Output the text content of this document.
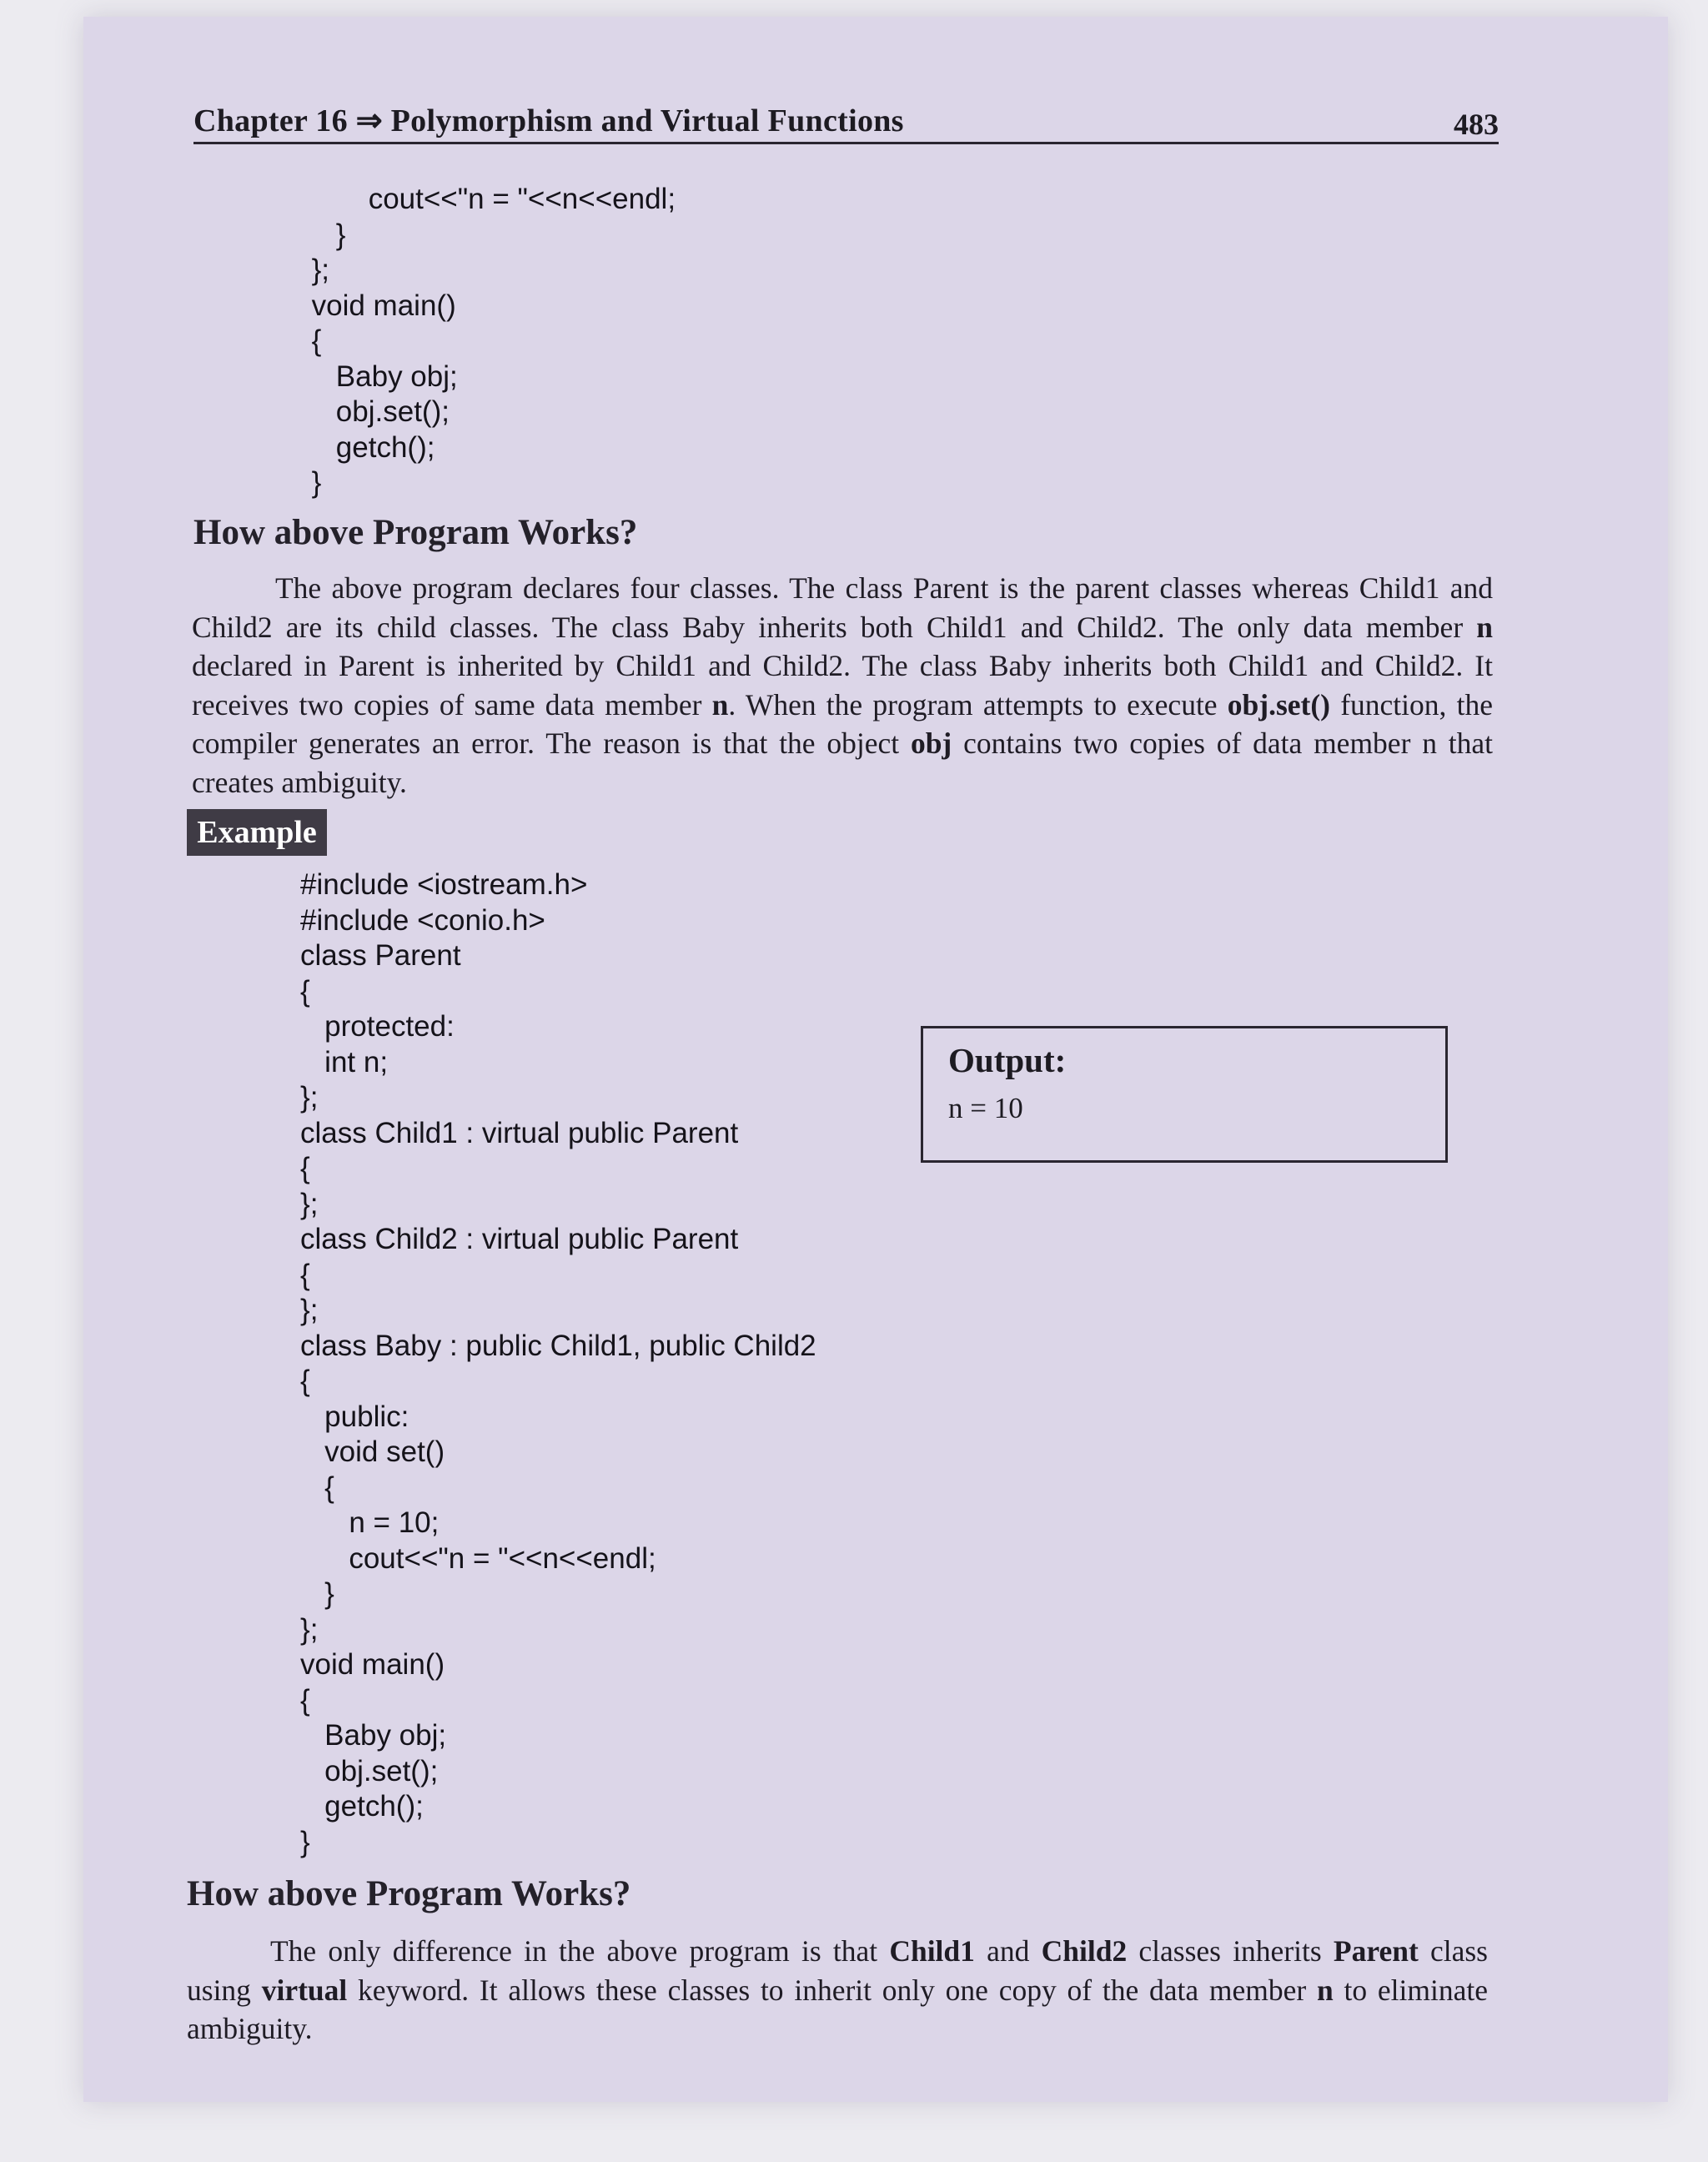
Chapter 16 ⇒ Polymorphism and Virtual Functions	483
cout<<"n = "<<n<<endl;
}
};
void main()
{
Baby obj;
obj.set();
getch();
}
How above Program Works?

The above program declares four classes. The class Parent is the parent classes whereas Child1 and Child2 are its child classes. The class Baby inherits both Child1 and Child2. The only data member n declared in Parent is inherited by Child1 and Child2. The class Baby inherits both Child1 and Child2. It receives two copies of same data member n. When the program attempts to execute obj.set() function, the compiler generates an error. The reason is that the object obj contains two copies of data member n that creates ambiguity.

Example
#include <iostream.h>
#include <conio.h>
class Parent
{
protected:
int n;
};
class Child1 : virtual public Parent
{
};
class Child2 : virtual public Parent
{
};
class Baby : public Child1, public Child2
{
public:
void set()
{
n = 10;
cout<<"n = "<<n<<endl;
}
};
void main()
{
Baby obj;
obj.set();
getch();
}
Output:
n = 10
How above Program Works?

The only difference in the above program is that Child1 and Child2 classes inherits Parent class using virtual keyword. It allows these classes to inherit only one copy of the data member n to eliminate ambiguity.
